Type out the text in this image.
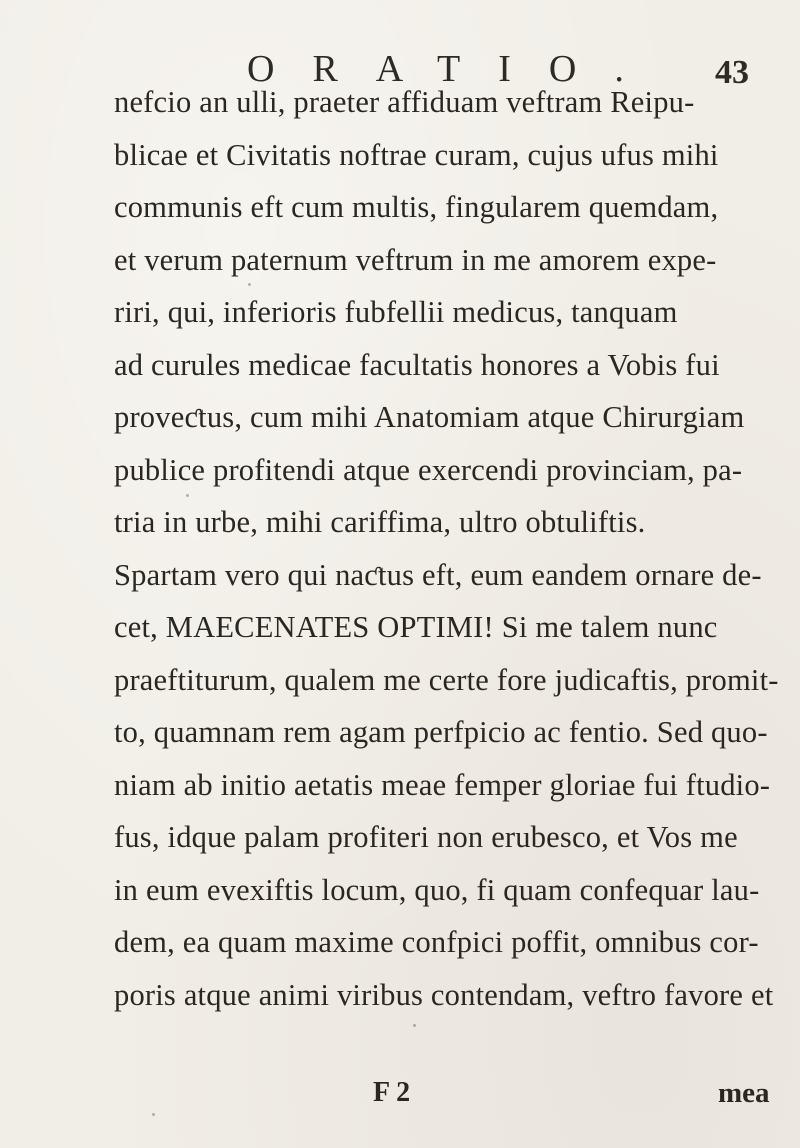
ORATIO. 43
nefcio an ulli, praeter affiduam veftram Reipu-
blicae et Civitatis noftrae curam, cujus ufus mihi
communis eft cum multis, fingularem quemdam,
et verum paternum veftrum in me amorem expe-
riri, qui, inferioris fubfellii medicus, tanquam
ad curules medicae facultatis honores a Vobis fui
proveƈtus, cum mihi Anatomiam atque Chirurgiam
publice profitendi atque exercendi provinciam, pa-
tria in urbe, mihi cariffima, ultro obtuliftis.
Spartam vero qui naƈtus eft, eum eandem ornare de-
cet, MAECENATES OPTIMI! Si me talem nunc
praeftiturum, qualem me certe fore judicaftis, promit-
to, quamnam rem agam perfpicio ac fentio. Sed quo-
niam ab initio aetatis meae femper gloriae fui ftudio-
fus, idque palam profiteri non erubesco, et Vos me
in eum evexiftis locum, quo, fi quam confequar lau-
dem, ea quam maxime confpici poffit, omnibus cor-
poris atque animi viribus contendam, veftro favore et
F 2	mea
